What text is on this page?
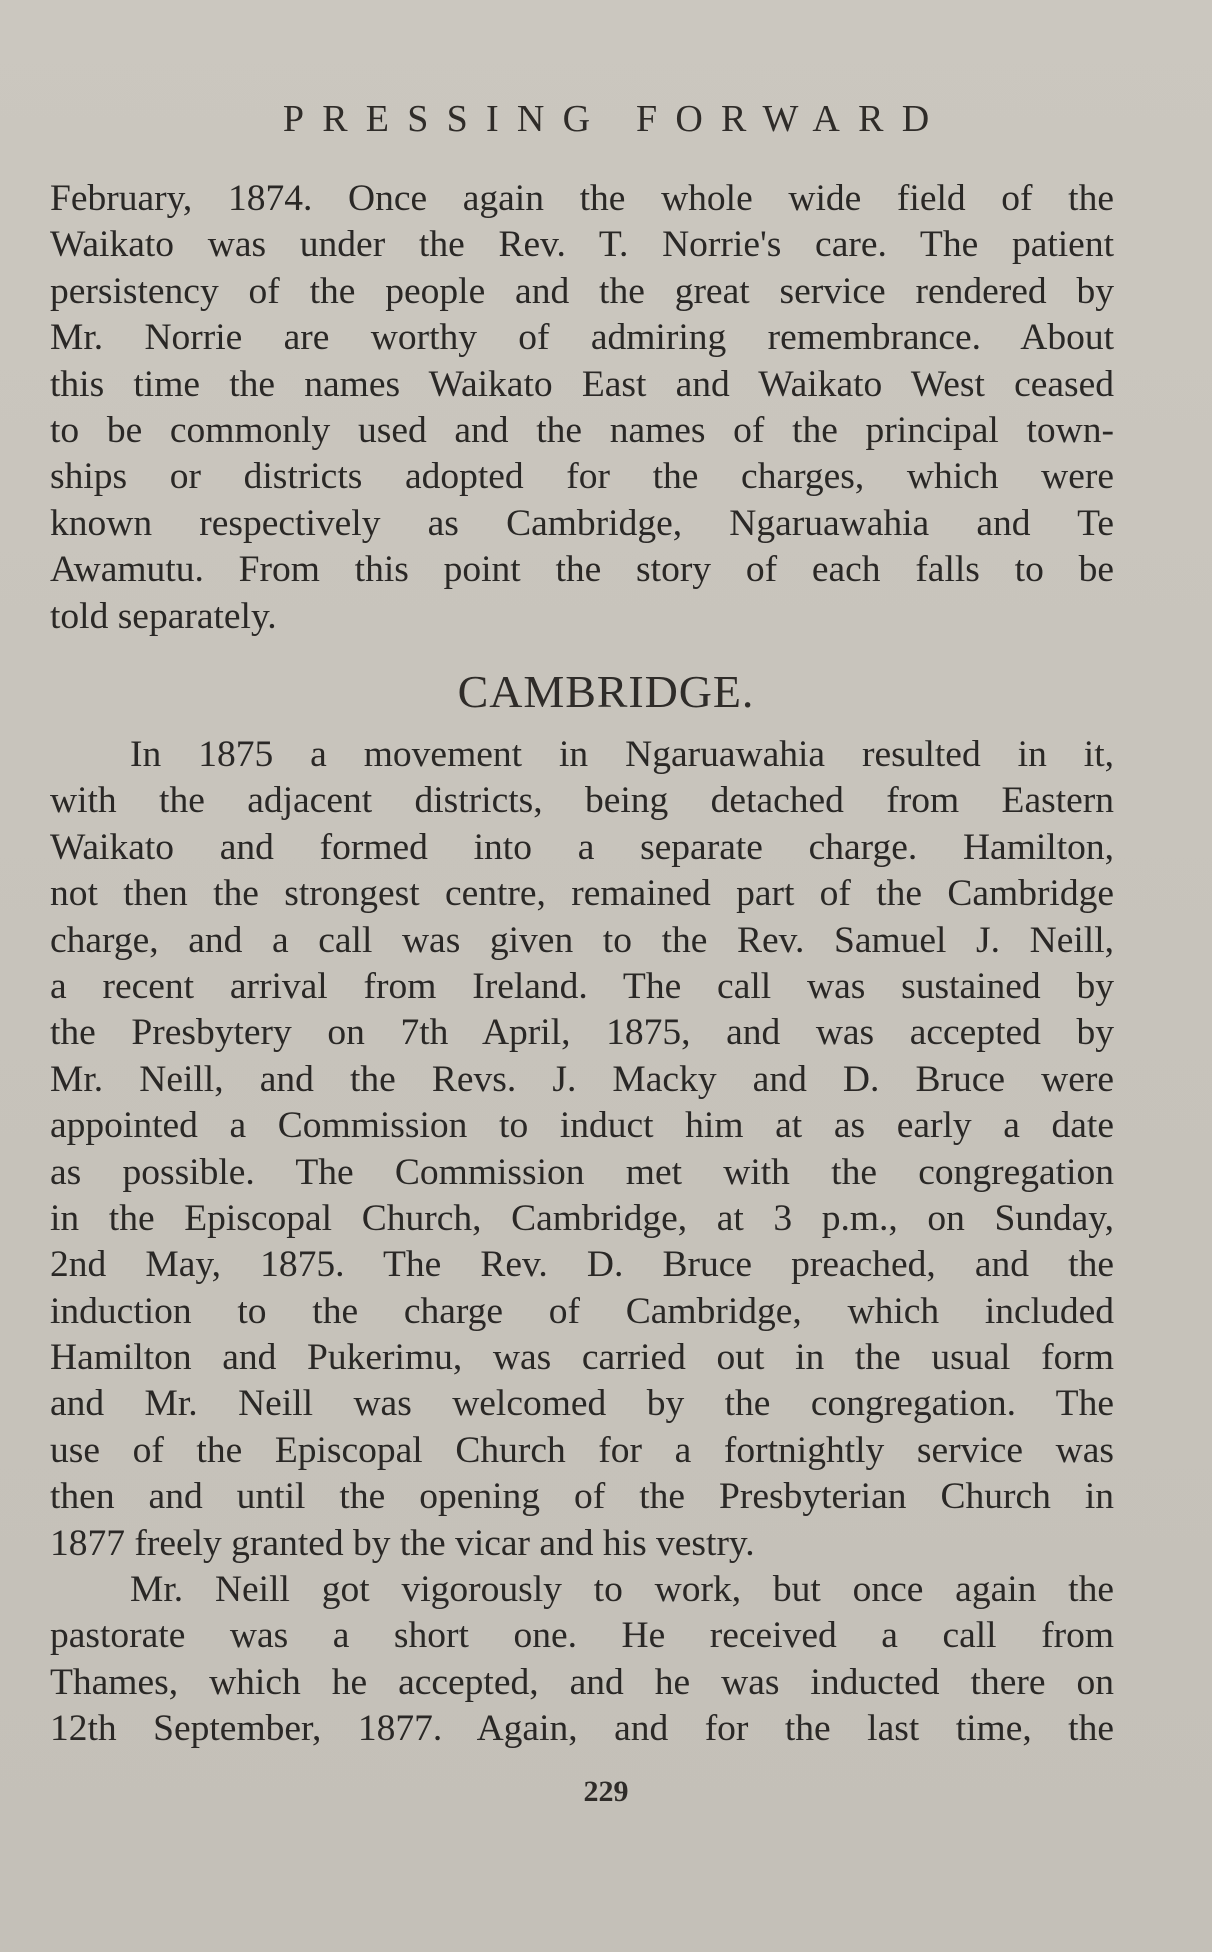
PRESSING FORWARD
February, 1874. Once again the whole wide field of the
Waikato was under the Rev. T. Norrie's care. The patient
persistency of the people and the great service rendered by
Mr. Norrie are worthy of admiring remembrance. About
this time the names Waikato East and Waikato West ceased
to be commonly used and the names of the principal town-
ships or districts adopted for the charges, which were
known respectively as Cambridge, Ngaruawahia and Te
Awamutu. From this point the story of each falls to be
told separately.
CAMBRIDGE.
In 1875 a movement in Ngaruawahia resulted in it,
with the adjacent districts, being detached from Eastern
Waikato and formed into a separate charge. Hamilton,
not then the strongest centre, remained part of the Cambridge
charge, and a call was given to the Rev. Samuel J. Neill,
a recent arrival from Ireland. The call was sustained by
the Presbytery on 7th April, 1875, and was accepted by
Mr. Neill, and the Revs. J. Macky and D. Bruce were
appointed a Commission to induct him at as early a date
as possible. The Commission met with the congregation
in the Episcopal Church, Cambridge, at 3 p.m., on Sunday,
2nd May, 1875. The Rev. D. Bruce preached, and the
induction to the charge of Cambridge, which included
Hamilton and Pukerimu, was carried out in the usual form
and Mr. Neill was welcomed by the congregation. The
use of the Episcopal Church for a fortnightly service was
then and until the opening of the Presbyterian Church in
1877 freely granted by the vicar and his vestry.
Mr. Neill got vigorously to work, but once again the
pastorate was a short one. He received a call from
Thames, which he accepted, and he was inducted there on
12th September, 1877. Again, and for the last time, the
229
